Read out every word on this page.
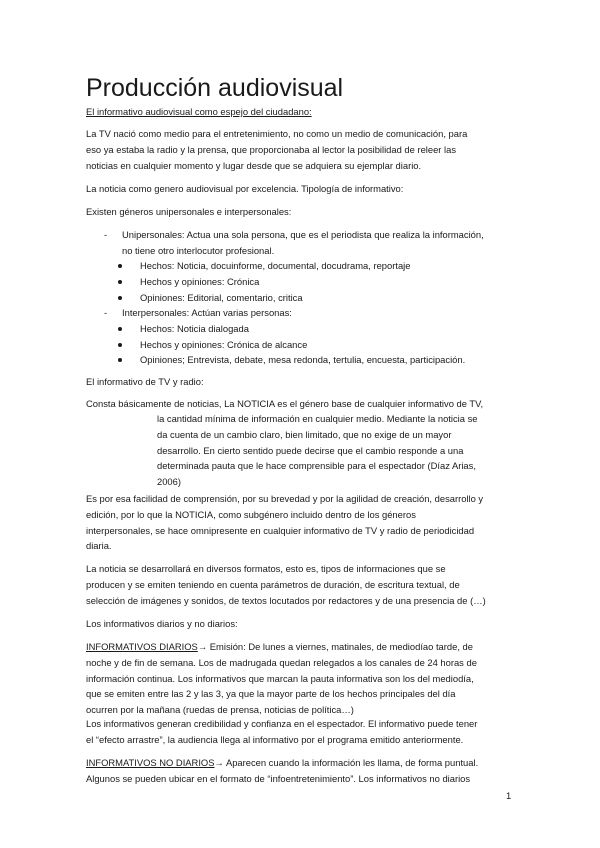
Producción audiovisual
El informativo audiovisual como espejo del ciudadano:

La TV nació como medio para el entretenimiento, no como un medio de comunicación, para
eso ya estaba la radio y la prensa, que proporcionaba al lector la posibilidad de releer las
noticias en cualquier momento y lugar desde que se adquiera su ejemplar diario.

La noticia como genero audiovisual por excelencia. Tipología de informativo:

Existen géneros unipersonales e interpersonales:

- Unipersonales: Actua una sola persona, que es el periodista que realiza la información,
no tiene otro interlocutor profesional.
Hechos: Noticia, docuinforme, documental, docudrama, reportaje
Hechos y opiniones: Crónica
Opiniones: Editorial, comentario, critica
- Interpersonales: Actúan varias personas:
Hechos: Noticia dialogada
Hechos y opiniones: Crónica de alcance
Opiniones; Entrevista, debate, mesa redonda, tertulia, encuesta, participación.

El informativo de TV y radio:

Consta básicamente de noticias, La NOTICIA es el género base de cualquier informativo de TV,

la cantidad mínima de información en cualquier medio. Mediante la noticia se
da cuenta de un cambio claro, bien limitado, que no exige de un mayor
desarrollo. En cierto sentido puede decirse que el cambio responde a una
determinada pauta que le hace comprensible para el espectador (Díaz Arias,
2006)

Es por esa facilidad de comprensión, por su brevedad y por la agilidad de creación, desarrollo y
edición, por lo que la NOTICIA, como subgénero incluido dentro de los géneros
interpersonales, se hace omnipresente en cualquier informativo de TV y radio de periodicidad
diaria.

La noticia se desarrollará en diversos formatos, esto es, tipos de informaciones que se
producen y se emiten teniendo en cuenta parámetros de duración, de escritura textual, de
selección de imágenes y sonidos, de textos locutados por redactores y de una presencia de (…)

Los informativos diarios y no diarios:

INFORMATIVOS DIARIOS→ Emisión: De lunes a viernes, matinales, de mediodíao tarde, de
noche y de fin de semana. Los de madrugada quedan relegados a los canales de 24 horas de
información continua. Los informativos que marcan la pauta informativa son los del mediodía,
que se emiten entre las 2 y las 3, ya que la mayor parte de los hechos principales del día
ocurren por la mañana (ruedas de prensa, noticias de política…)

Los informativos generan credibilidad y confianza en el espectador. El informativo puede tener
el “efecto arrastre”, la audiencia llega al informativo por el programa emitido anteriormente.

INFORMATIVOS NO DIARIOS→ Aparecen cuando la información les llama, de forma puntual.
Algunos se pueden ubicar en el formato de “infoentretenimiento”. Los informativos no diarios

1
